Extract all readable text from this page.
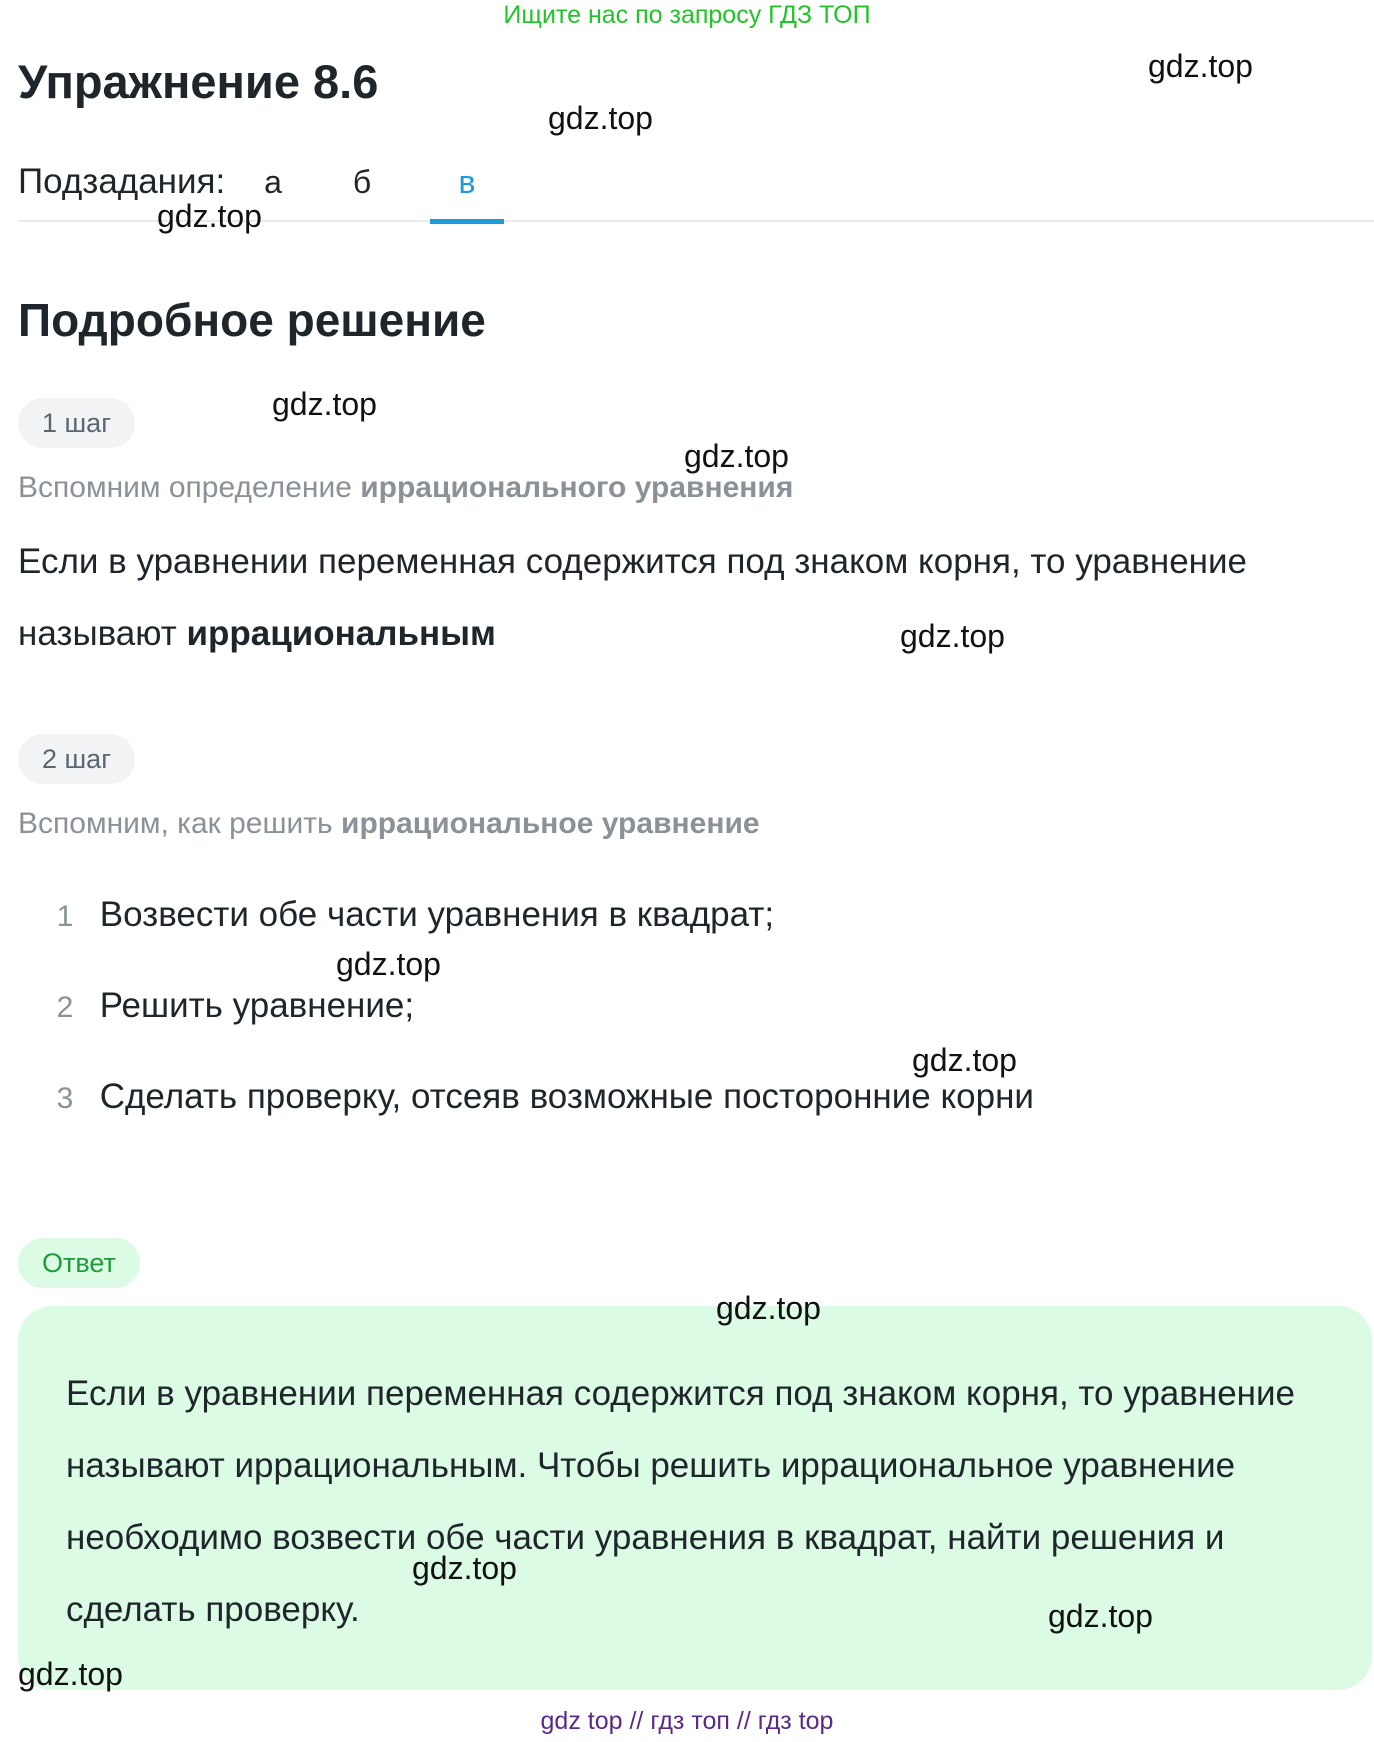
Ищите нас по запросу ГДЗ ТОП
Упражнение 8.6
Подзадания:	а	б	в
Подробное решение
1 шаг
Вспомним определение иррационального уравнения
Если в уравнении переменная содержится под знаком корня, то уравнение называют иррациональным
2 шаг
Вспомним, как решить иррациональное уравнение
1 Возвести обе части уравнения в квадрат;
2 Решить уравнение;
3 Сделать проверку, отсеяв возможные посторонние корни
Ответ
Если в уравнении переменная содержится под знаком корня, то уравнение называют иррациональным. Чтобы решить иррациональное уравнение необходимо возвести обе части уравнения в квадрат, найти решения и сделать проверку.
gdz.top
gdz.top
gdz.top
gdz.top
gdz.top
gdz.top
gdz.top
gdz.top
gdz.top
gdz.top
gdz.top
gdz.top
gdz top // гдз топ // гдз top
